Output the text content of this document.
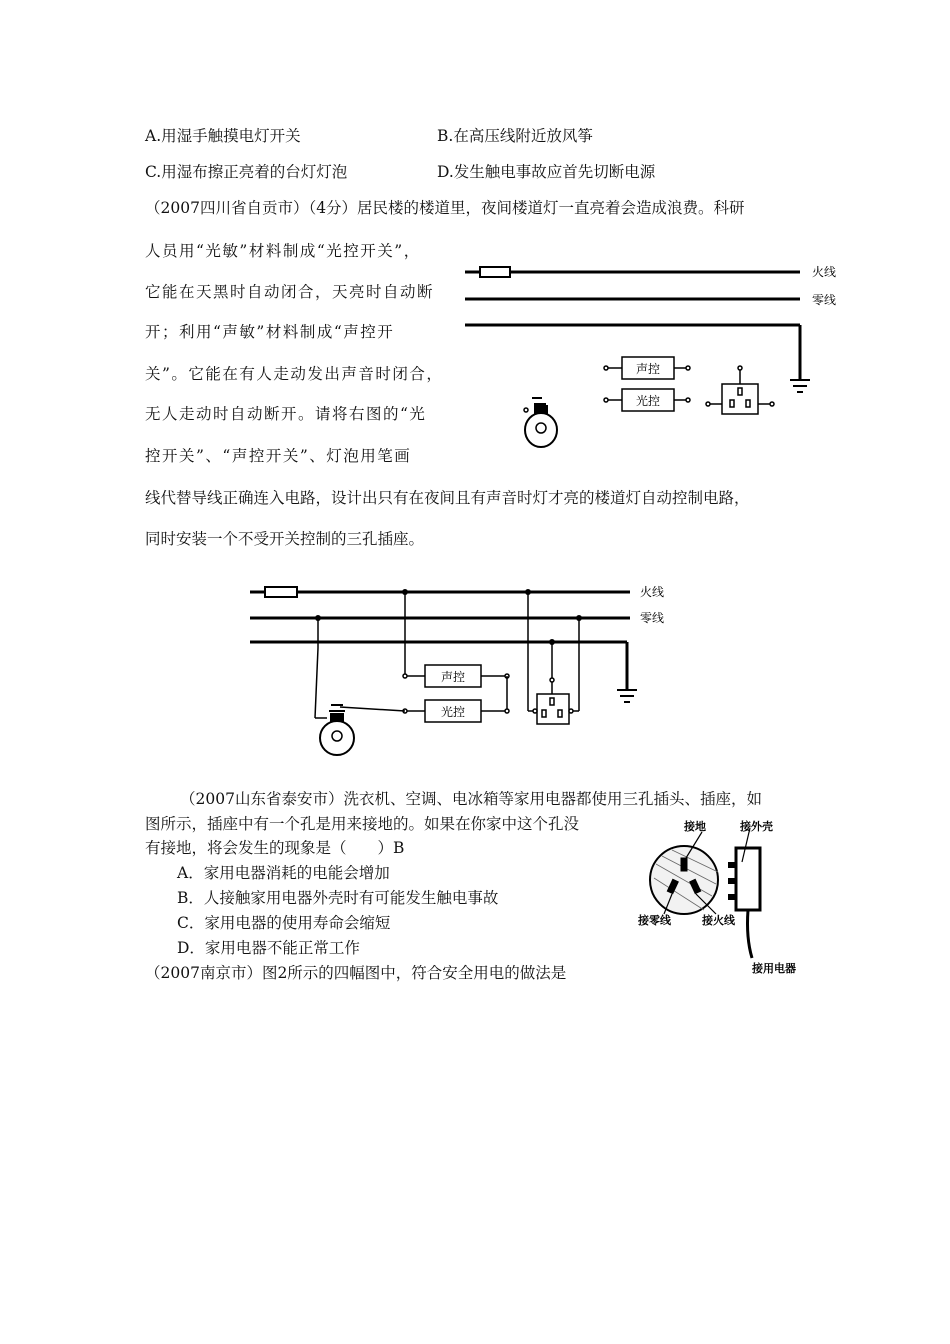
A.用湿手触摸电灯开关	B.在高压线附近放风筝
C.用湿布擦正亮着的台灯灯泡	D.发生触电事故应首先切断电源
（2007四川省自贡市）（4分）居民楼的楼道里，夜间楼道灯一直亮着会造成浪费。科研
人员用“光敏”材料制成“光控开关”，
它能在天黑时自动闭合，天亮时自动断
开；利用“声敏”材料制成“声控开
关”。它能在有人走动发出声音时闭合，
无人走动时自动断开。请将右图的“光
控开关”、“声控开关”、灯泡用笔画
线代替导线正确连入电路，设计出只有在夜间且有声音时灯才亮的楼道灯自动控制电路，
同时安装一个不受开关控制的三孔插座。
火线
零线
声控
光控
火线
零线
声控
光控
（2007山东省泰安市）洗衣机、空调、电冰箱等家用电器都使用三孔插头、插座，如
图所示，插座中有一个孔是用来接地的。如果在你家中这个孔没
有接地，将会发生的现象是（　　）B
A．家用电器消耗的电能会增加
B．人接触家用电器外壳时有可能发生触电事故
C．家用电器的使用寿命会缩短
D．家用电器不能正常工作
接地	接外壳
接零线	接火线
接用电器
（2007南京市）图2所示的四幅图中，符合安全用电的做法是
